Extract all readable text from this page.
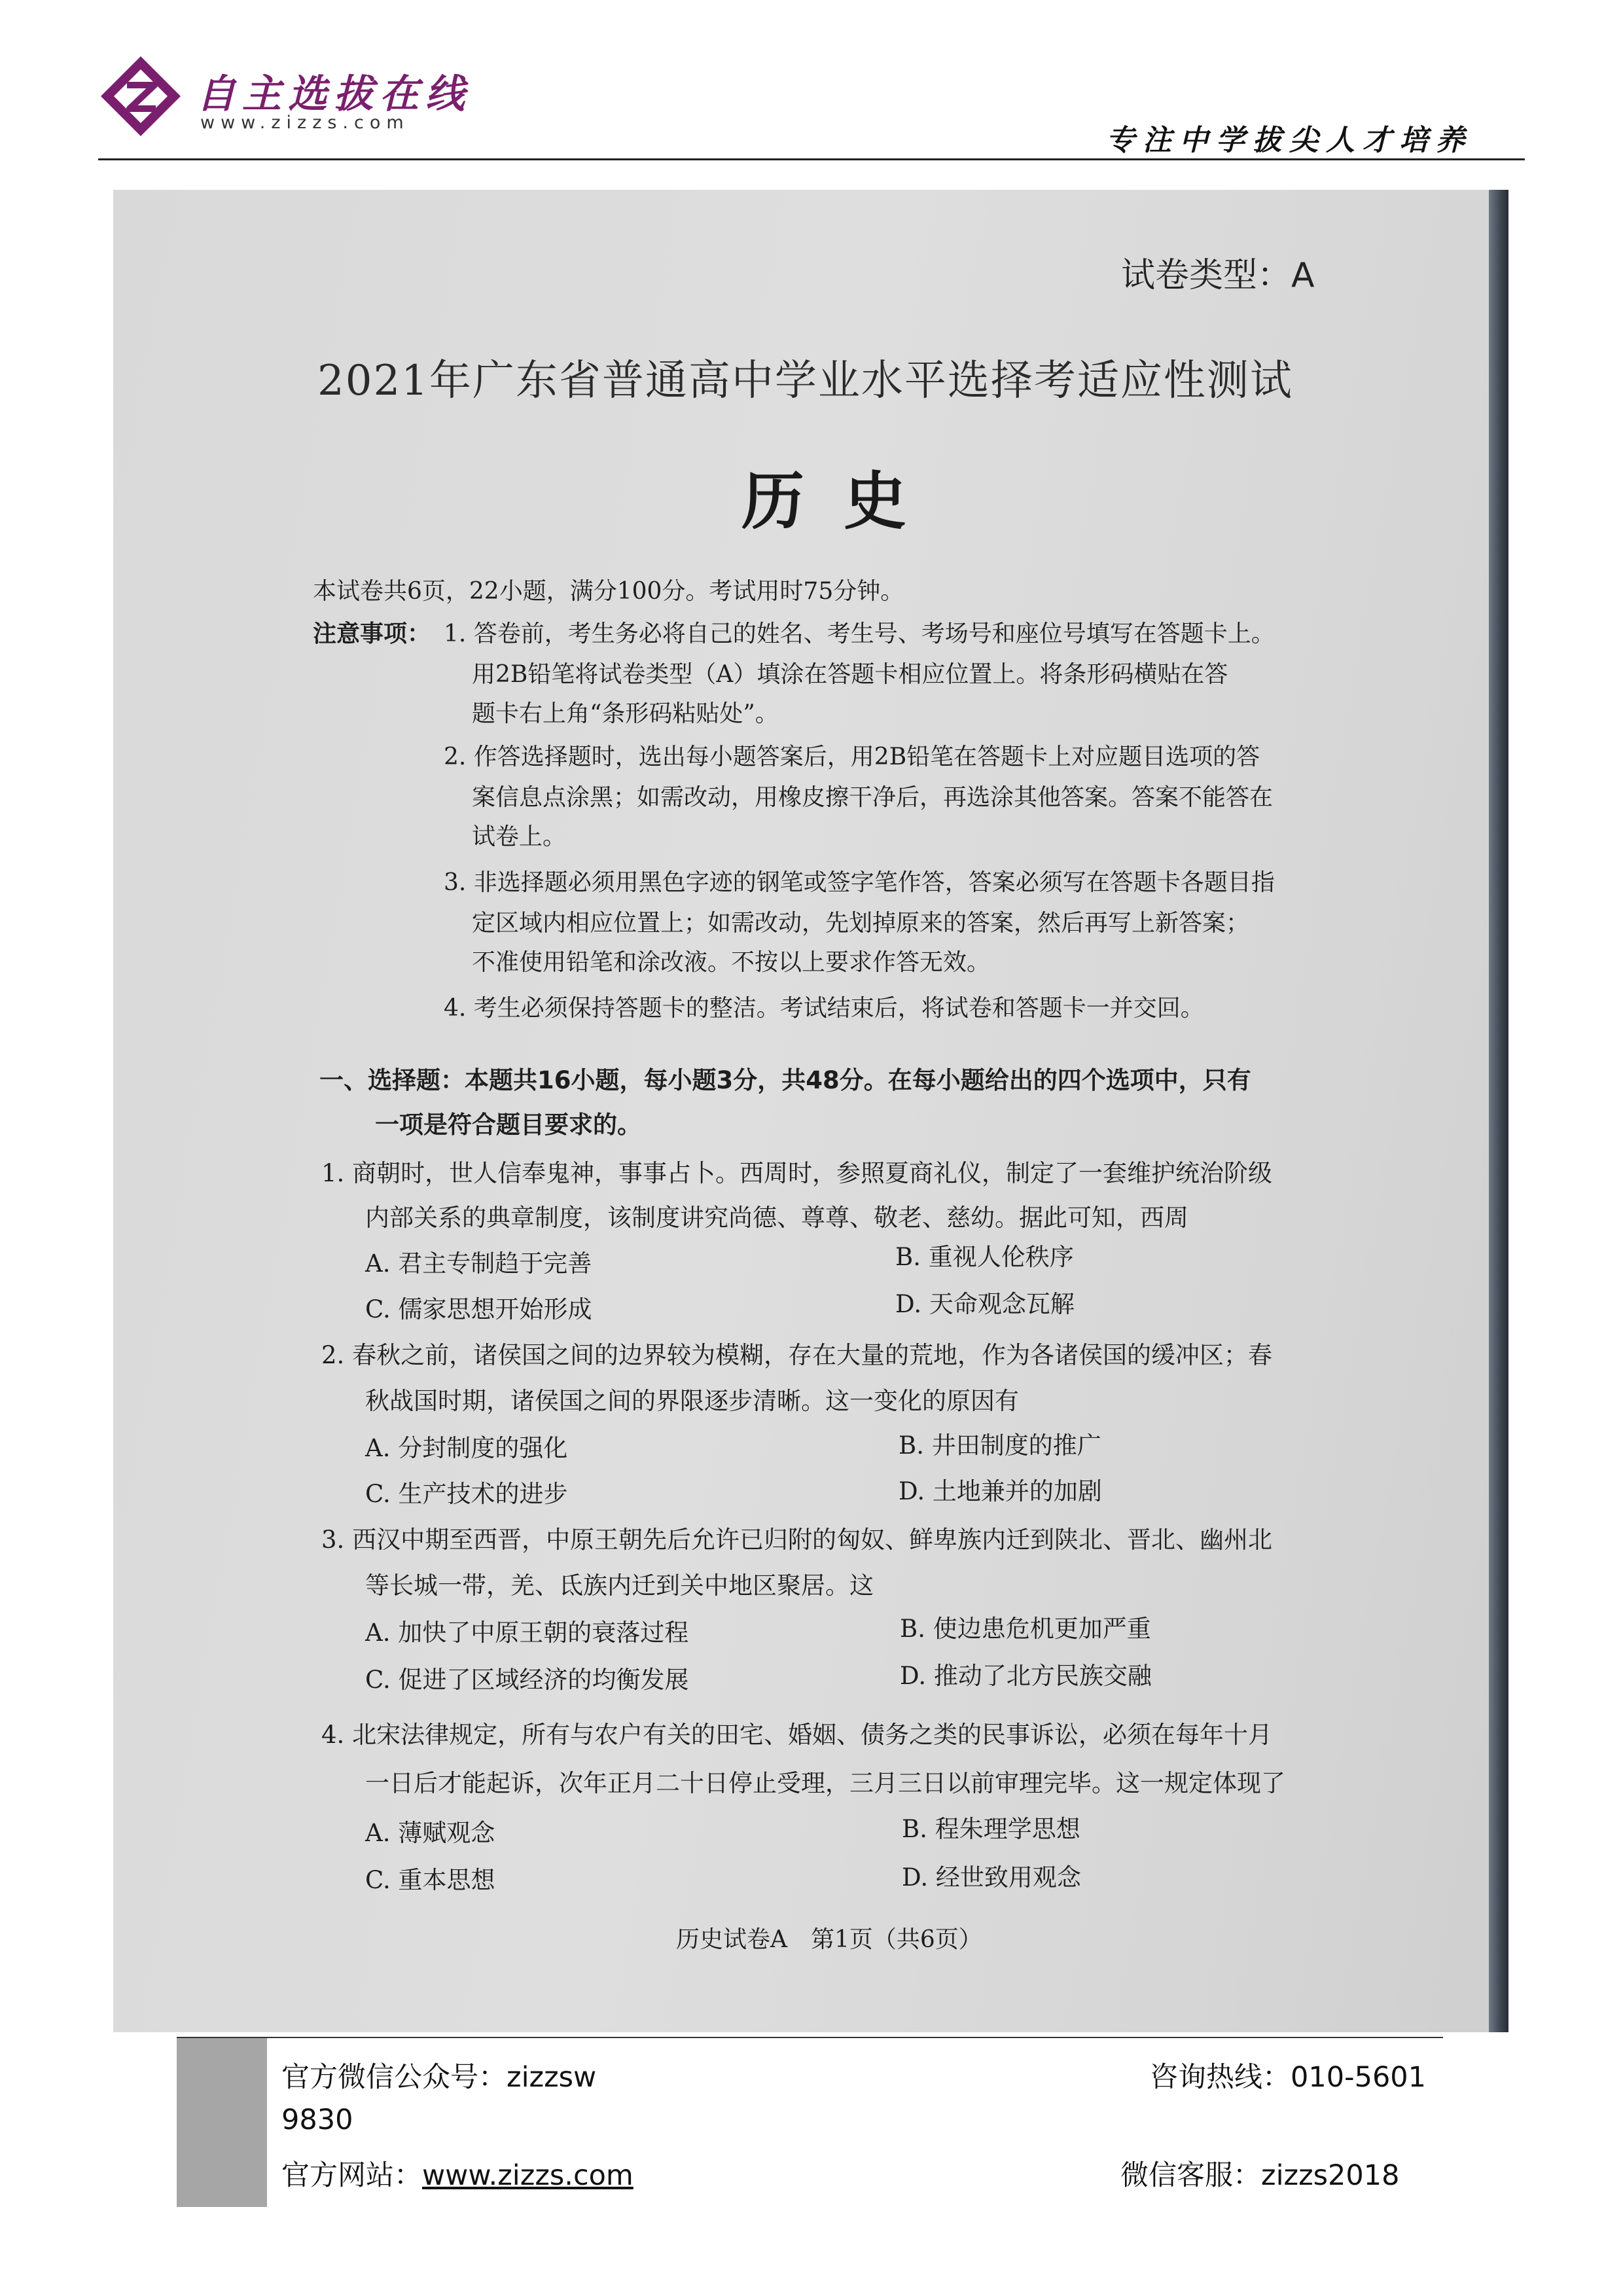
自主选拔在线
www.zizzs.com
专注中学拔尖人才培养
试卷类型：A
2021年广东省普通高中学业水平选择考适应性测试
历史
本试卷共6页，22小题，满分100分。考试用时75分钟。
注意事项： 1. 答卷前，考生务必将自己的姓名、考生号、考场号和座位号填写在答题卡上。
用2B铅笔将试卷类型（A）填涂在答题卡相应位置上。将条形码横贴在答
题卡右上角“条形码粘贴处”。
2. 作答选择题时，选出每小题答案后，用2B铅笔在答题卡上对应题目选项的答
案信息点涂黑；如需改动，用橡皮擦干净后，再选涂其他答案。答案不能答在
试卷上。
3. 非选择题必须用黑色字迹的钢笔或签字笔作答，答案必须写在答题卡各题目指
定区域内相应位置上；如需改动，先划掉原来的答案，然后再写上新答案；
不准使用铅笔和涂改液。不按以上要求作答无效。
4. 考生必须保持答题卡的整洁。考试结束后，将试卷和答题卡一并交回。
一、选择题：本题共16小题，每小题3分，共48分。在每小题给出的四个选项中，只有
一项是符合题目要求的。
1. 商朝时，世人信奉鬼神，事事占卜。西周时，参照夏商礼仪，制定了一套维护统治阶级
内部关系的典章制度，该制度讲究尚德、尊尊、敬老、慈幼。据此可知，西周
A. 君主专制趋于完善	B. 重视人伦秩序
C. 儒家思想开始形成	D. 天命观念瓦解
2. 春秋之前，诸侯国之间的边界较为模糊，存在大量的荒地，作为各诸侯国的缓冲区；春
秋战国时期，诸侯国之间的界限逐步清晰。这一变化的原因有
A. 分封制度的强化	B. 井田制度的推广
C. 生产技术的进步	D. 土地兼并的加剧
3. 西汉中期至西晋，中原王朝先后允许已归附的匈奴、鲜卑族内迁到陕北、晋北、幽州北
等长城一带，羌、氐族内迁到关中地区聚居。这
A. 加快了中原王朝的衰落过程	B. 使边患危机更加严重
C. 促进了区域经济的均衡发展	D. 推动了北方民族交融
4. 北宋法律规定，所有与农户有关的田宅、婚姻、债务之类的民事诉讼，必须在每年十月
一日后才能起诉，次年正月二十日停止受理，三月三日以前审理完毕。这一规定体现了
A. 薄赋观念	B. 程朱理学思想
C. 重本思想	D. 经世致用观念
历史试卷A　第1页（共6页）
官方微信公众号：zizzsw	咨询热线：010-5601
9830
官方网站：www.zizzs.com	微信客服：zizzs2018
